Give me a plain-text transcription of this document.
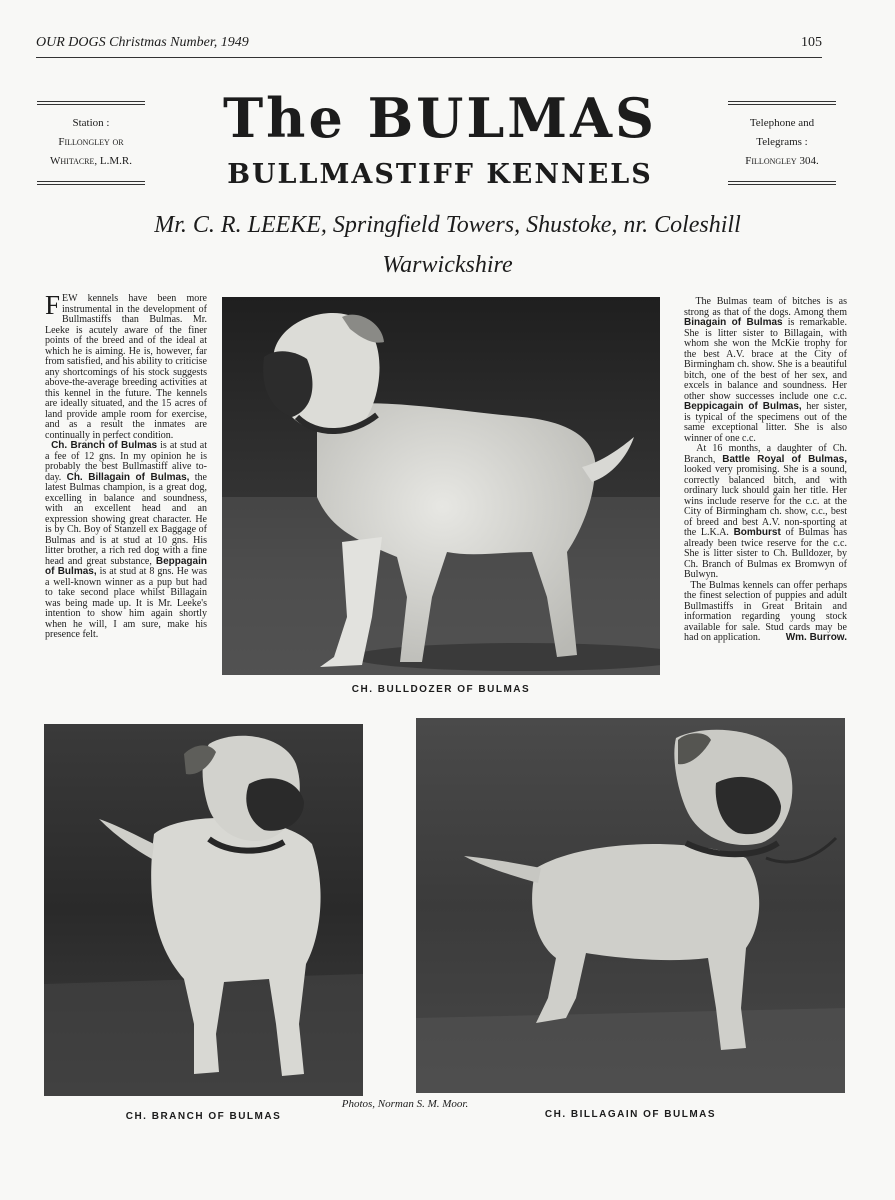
OUR DOGS Christmas Number, 1949	105
Station :
Fillongley or
Whitacre, L.M.R.
Telephone and
Telegrams :
Fillongley 304.
The BULMAS
BULLMASTIFF KENNELS
Mr. C. R. LEEKE, Springfield Towers, Shustoke, nr. Coleshill
Warwickshire

FEW kennels have been more instrumental in the development of Bullmastiffs than Bulmas. Mr. Leeke is acutely aware of the finer points of the breed and of the ideal at which he is aiming. He is, however, far from satisfied, and his ability to criticise any shortcomings of his stock suggests above-the-average breeding activities at this kennel in the future. The kennels are ideally situated, and the 15 acres of land provide ample room for exercise, and as a result the inmates are continually in perfect condition.

Ch. Branch of Bulmas is at stud at a fee of 12 gns. In my opinion he is probably the best Bullmastiff alive to-day. Ch. Billagain of Bulmas, the latest Bulmas champion, is a great dog, excelling in balance and soundness, with an excellent head and an expression showing great character. He is by Ch. Boy of Stanzell ex Baggage of Bulmas and is at stud at 10 gns. His litter brother, a rich red dog with a fine head and great substance, Beppagain of Bulmas, is at stud at 8 gns. He was a well-known winner as a pup but had to take second place whilst Billagain was being made up. It is Mr. Leeke's intention to show him again shortly when he will, I am sure, make his presence felt.

The Bulmas team of bitches is as strong as that of the dogs. Among them Binagain of Bulmas is remarkable. She is litter sister to Billagain, with whom she won the McKie trophy for the best A.V. brace at the City of Birmingham ch. show. She is a beautiful bitch, one of the best of her sex, and excels in balance and soundness. Her other show successes include one c.c. Beppicagain of Bulmas, her sister, is typical of the specimens out of the same exceptional litter. She is also winner of one c.c.

At 16 months, a daughter of Ch. Branch, Battle Royal of Bulmas, looked very promising. She is a sound, correctly balanced bitch, and with ordinary luck should gain her title. Her wins include reserve for the c.c. at the City of Birmingham ch. show, c.c., best of breed and best A.V. non-sporting at the L.K.A. Bomburst of Bulmas has already been twice reserve for the c.c. She is litter sister to Ch. Bulldozer, by Ch. Branch of Bulmas ex Bromwyn of Bulwyn.

The Bulmas kennels can offer perhaps the finest selection of puppies and adult Bullmastiffs in Great Britain and information regarding young stock available for sale. Stud cards may be had on application.	Wm. Burrow.

CH. BULLDOZER OF BULMAS
CH. BRANCH OF BULMAS	CH. BILLAGAIN OF BULMAS
Photos, Norman S. M. Moor.
